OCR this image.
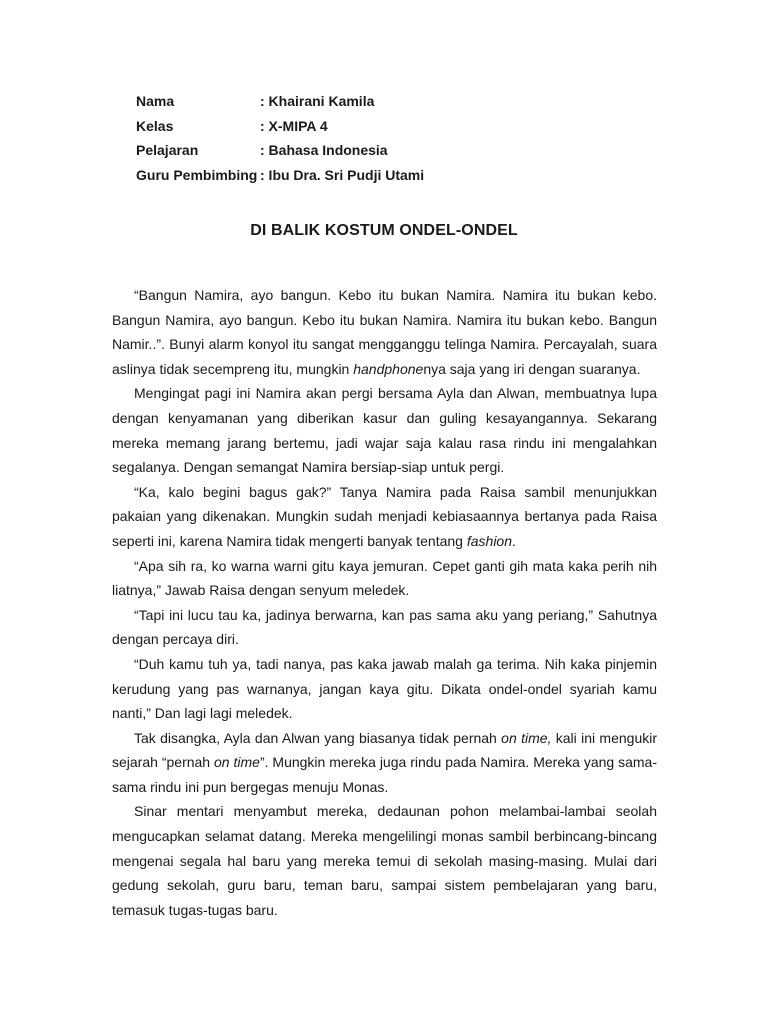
Nama	: Khairani Kamila
Kelas	: X-MIPA 4
Pelajaran	: Bahasa Indonesia
Guru Pembimbing : Ibu Dra. Sri Pudji Utami
DI BALIK KOSTUM ONDEL-ONDEL

“Bangun Namira, ayo bangun. Kebo itu bukan Namira. Namira itu bukan kebo. Bangun Namira, ayo bangun. Kebo itu bukan Namira. Namira itu bukan kebo. Bangun Namir..”. Bunyi alarm konyol itu sangat mengganggu telinga Namira. Percayalah, suara aslinya tidak secempreng itu, mungkin handphonenya saja yang iri dengan suaranya.

Mengingat pagi ini Namira akan pergi bersama Ayla dan Alwan, membuatnya lupa dengan kenyamanan yang diberikan kasur dan guling kesayangannya. Sekarang mereka memang jarang bertemu, jadi wajar saja kalau rasa rindu ini mengalahkan segalanya. Dengan semangat Namira bersiap-siap untuk pergi.

“Ka, kalo begini bagus gak?” Tanya Namira pada Raisa sambil menunjukkan pakaian yang dikenakan. Mungkin sudah menjadi kebiasaannya bertanya pada Raisa seperti ini, karena Namira tidak mengerti banyak tentang fashion.

“Apa sih ra, ko warna warni gitu kaya jemuran. Cepet ganti gih mata kaka perih nih liatnya,” Jawab Raisa dengan senyum meledek.

“Tapi ini lucu tau ka, jadinya berwarna, kan pas sama aku yang periang,” Sahutnya dengan percaya diri.

“Duh kamu tuh ya, tadi nanya, pas kaka jawab malah ga terima. Nih kaka pinjemin kerudung yang pas warnanya, jangan kaya gitu. Dikata ondel-ondel syariah kamu nanti,” Dan lagi lagi meledek.

Tak disangka, Ayla dan Alwan yang biasanya tidak pernah on time, kali ini mengukir sejarah “pernah on time”. Mungkin mereka juga rindu pada Namira. Mereka yang sama-sama rindu ini pun bergegas menuju Monas.

Sinar mentari menyambut mereka, dedaunan pohon melambai-lambai seolah mengucapkan selamat datang. Mereka mengelilingi monas sambil berbincang-bincang mengenai segala hal baru yang mereka temui di sekolah masing-masing. Mulai dari gedung sekolah, guru baru, teman baru, sampai sistem pembelajaran yang baru, temasuk tugas-tugas baru.
